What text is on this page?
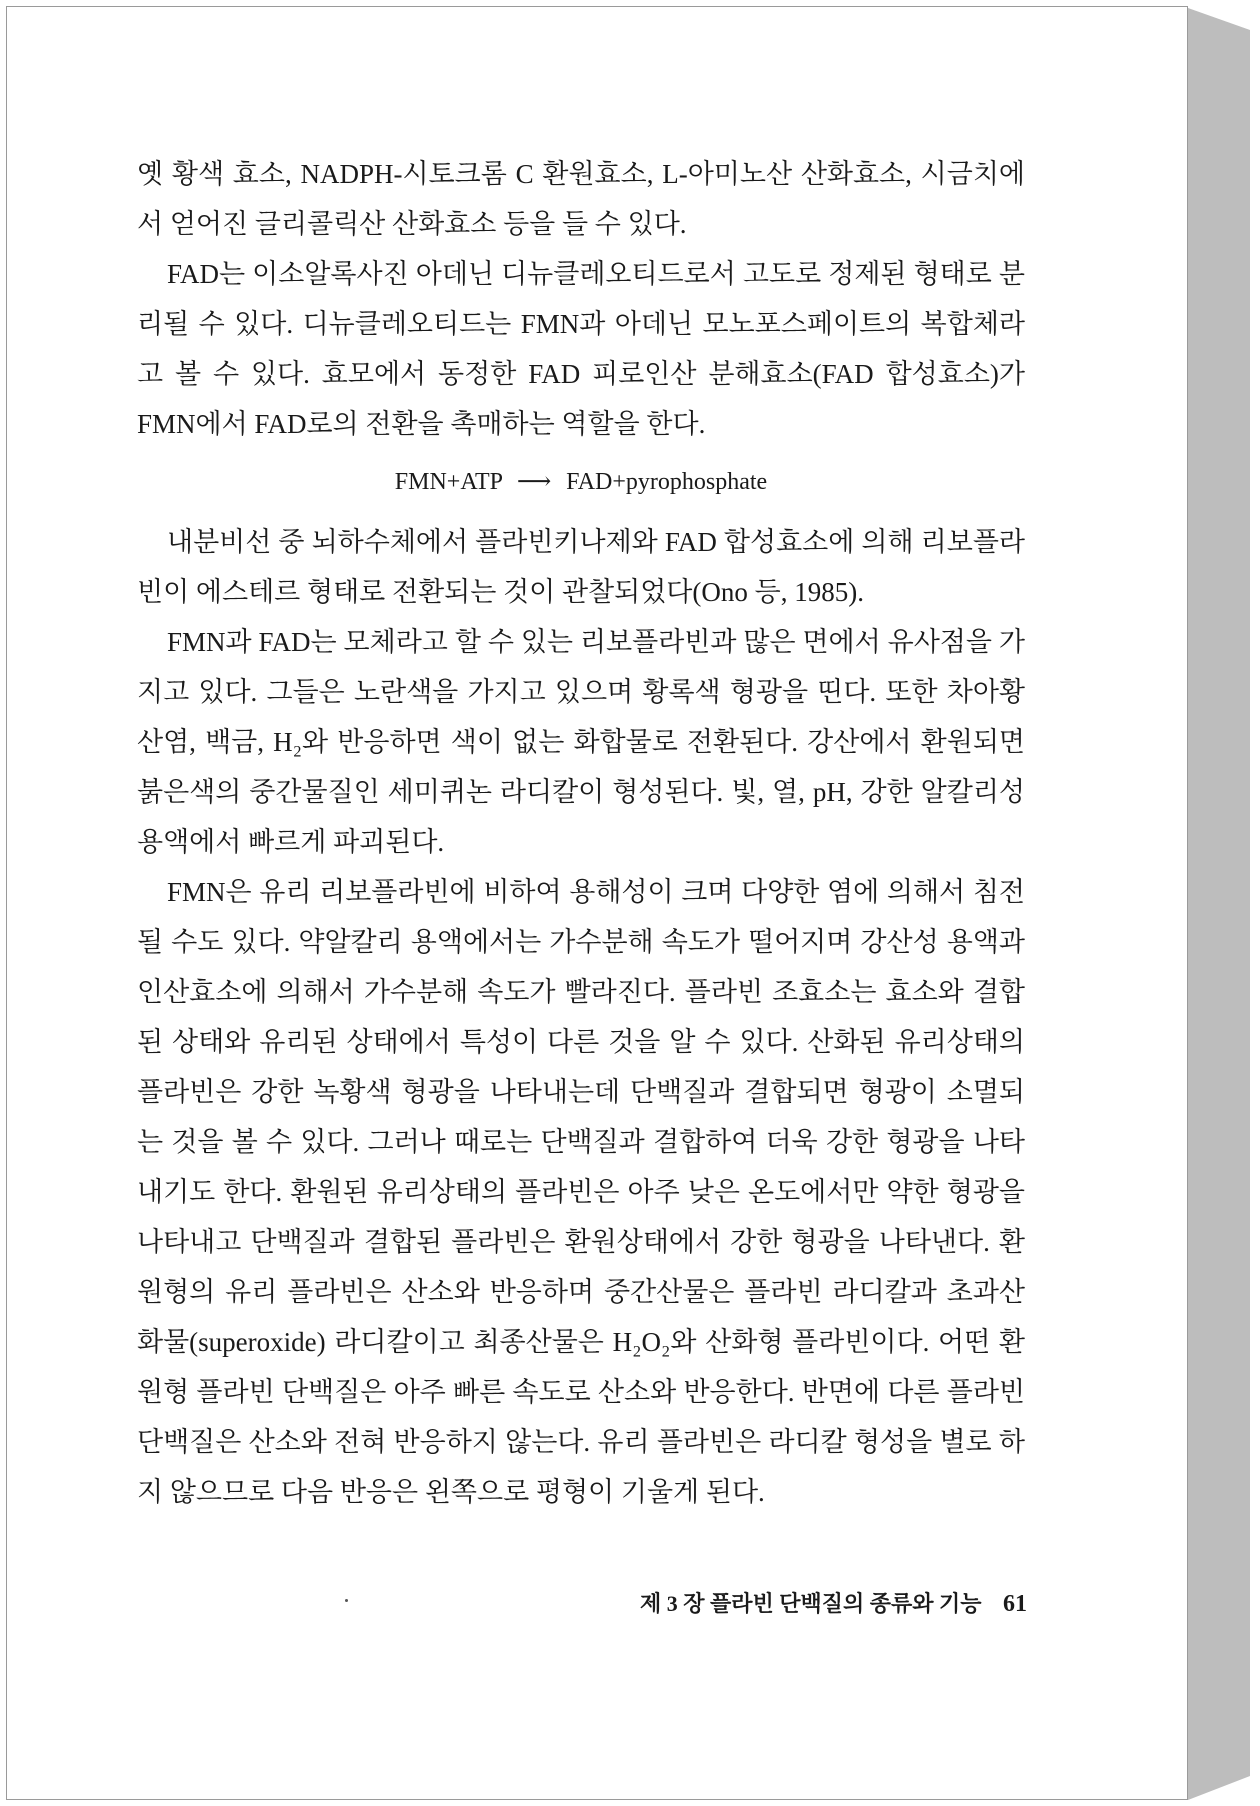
옛 황색 효소, NADPH-시토크롬 C 환원효소, L-아미노산 산화효소, 시금치에서 얻어진 글리콜릭산 산화효소 등을 들 수 있다.

FAD는 이소알록사진 아데닌 디뉴클레오티드로서 고도로 정제된 형태로 분리될 수 있다. 디뉴클레오티드는 FMN과 아데닌 모노포스페이트의 복합체라고 볼 수 있다. 효모에서 동정한 FAD 피로인산 분해효소(FAD 합성효소)가 FMN에서 FAD로의 전환을 촉매하는 역할을 한다.

FMN+ATP ⟶ FAD+pyrophosphate

내분비선 중 뇌하수체에서 플라빈키나제와 FAD 합성효소에 의해 리보플라빈이 에스테르 형태로 전환되는 것이 관찰되었다(Ono 등, 1985).

FMN과 FAD는 모체라고 할 수 있는 리보플라빈과 많은 면에서 유사점을 가지고 있다. 그들은 노란색을 가지고 있으며 황록색 형광을 띤다. 또한 차아황산염, 백금, H₂와 반응하면 색이 없는 화합물로 전환된다. 강산에서 환원되면 붉은색의 중간물질인 세미퀴논 라디칼이 형성된다. 빛, 열, pH, 강한 알칼리성 용액에서 빠르게 파괴된다.

FMN은 유리 리보플라빈에 비하여 용해성이 크며 다양한 염에 의해서 침전될 수도 있다. 약알칼리 용액에서는 가수분해 속도가 떨어지며 강산성 용액과 인산효소에 의해서 가수분해 속도가 빨라진다. 플라빈 조효소는 효소와 결합된 상태와 유리된 상태에서 특성이 다른 것을 알 수 있다. 산화된 유리상태의 플라빈은 강한 녹황색 형광을 나타내는데 단백질과 결합되면 형광이 소멸되는 것을 볼 수 있다. 그러나 때로는 단백질과 결합하여 더욱 강한 형광을 나타내기도 한다. 환원된 유리상태의 플라빈은 아주 낮은 온도에서만 약한 형광을 나타내고 단백질과 결합된 플라빈은 환원상태에서 강한 형광을 나타낸다. 환원형의 유리 플라빈은 산소와 반응하며 중간산물은 플라빈 라디칼과 초과산화물(superoxide) 라디칼이고 최종산물은 H₂O₂와 산화형 플라빈이다. 어떤 환원형 플라빈 단백질은 아주 빠른 속도로 산소와 반응한다. 반면에 다른 플라빈 단백질은 산소와 전혀 반응하지 않는다. 유리 플라빈은 라디칼 형성을 별로 하지 않으므로 다음 반응은 왼쪽으로 평형이 기울게 된다.

제 3 장 플라빈 단백질의 종류와 기능 61
